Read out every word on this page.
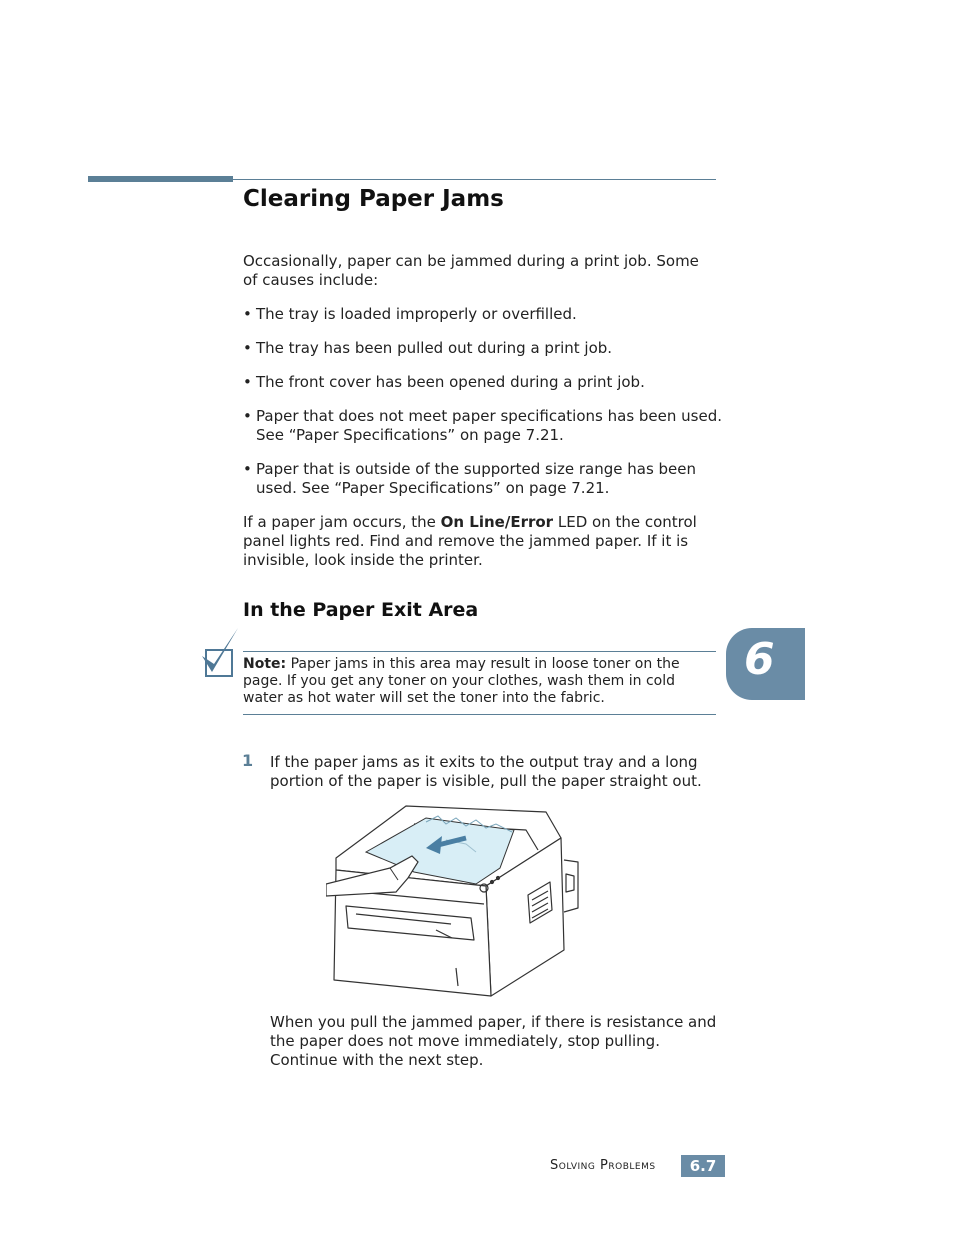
Clearing Paper Jams
Occasionally, paper can be jammed during a print job. Some of causes include:
• The tray is loaded improperly or overfilled.
• The tray has been pulled out during a print job.
• The front cover has been opened during a print job.
• Paper that does not meet paper specifications has been used. See “Paper Specifications” on page 7.21.
• Paper that is outside of the supported size range has been used. See “Paper Specifications” on page 7.21.
If a paper jam occurs, the On Line/Error LED on the control panel lights red. Find and remove the jammed paper. If it is invisible, look inside the printer.
In the Paper Exit Area
Note: Paper jams in this area may result in loose toner on the page. If you get any toner on your clothes, wash them in cold water as hot water will set the toner into the fabric.
6
1 If the paper jams as it exits to the output tray and a long portion of the paper is visible, pull the paper straight out.
When you pull the jammed paper, if there is resistance and the paper does not move immediately, stop pulling. Continue with the next step.
Solving Problems	6.7
